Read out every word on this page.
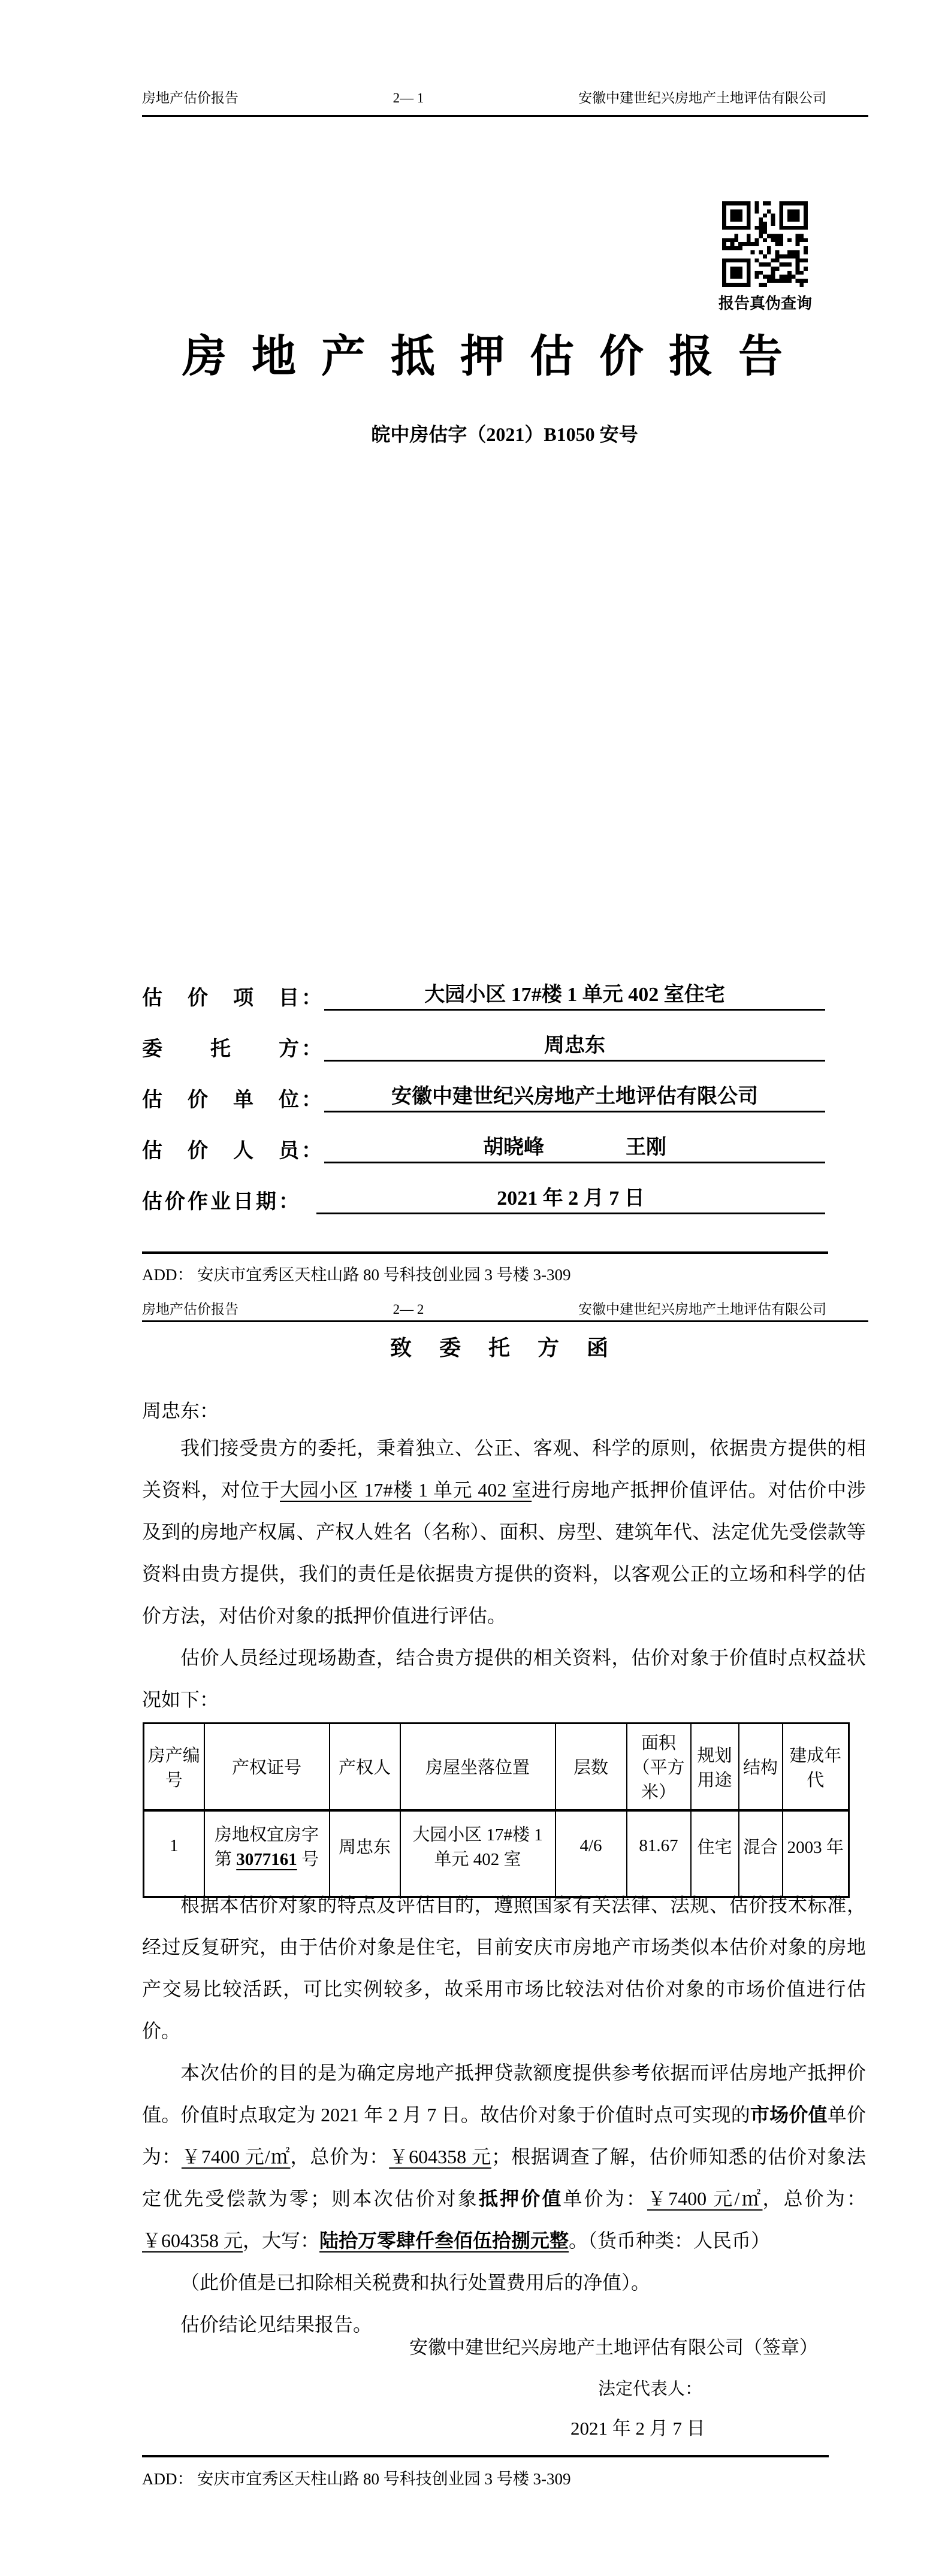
房地产估价报告	2— 1	安徽中建世纪兴房地产土地评估有限公司
报告真伪查询
房地产抵押估价报告
皖中房估字（2021）B1050 安号
估　价　项　目：	大园小区 17#楼 1 单元 402 室住宅
委　　托　　方：	周忠东
估　价　单　位：	安徽中建世纪兴房地产土地评估有限公司
估　价　人　员：	胡晓峰　　　　王刚
估价作业日期：	2021 年 2 月 7 日
ADD： 安庆市宜秀区天柱山路 80 号科技创业园 3 号楼 3-309
房地产估价报告	2— 2	安徽中建世纪兴房地产土地评估有限公司
致委托方函
周忠东：

我们接受贵方的委托，秉着独立、公正、客观、科学的原则，依据贵方提供的相关资料，对位于大园小区 17#楼 1 单元 402 室进行房地产抵押价值评估。对估价中涉及到的房地产权属、产权人姓名（名称）、面积、房型、建筑年代、法定优先受偿款等资料由贵方提供，我们的责任是依据贵方提供的资料，以客观公正的立场和科学的估价方法，对估价对象的抵押价值进行评估。

估价人员经过现场勘查，结合贵方提供的相关资料，估价对象于价值时点权益状况如下：

房产编号	产权证号	产权人	房屋坐落位置	层数	面积（平方米）	规划用途	结构	建成年代
1	房地权宜房字第 3077161 号	周忠东	大园小区 17#楼 1 单元 402 室	4/6	81.67	住宅	混合	2003 年

根据本估价对象的特点及评估目的，遵照国家有关法律、法规、估价技术标准，经过反复研究，由于估价对象是住宅，目前安庆市房地产市场类似本估价对象的房地产交易比较活跃，可比实例较多，故采用市场比较法对估价对象的市场价值进行估价。

本次估价的目的是为确定房地产抵押贷款额度提供参考依据而评估房地产抵押价值。价值时点取定为 2021 年 2 月 7 日。故估价对象于价值时点可实现的市场价值单价为：￥7400 元/㎡，总价为：￥604358 元；根据调查了解，估价师知悉的估价对象法定优先受偿款为零；则本次估价对象抵押价值单价为：￥7400 元/㎡，总价为：￥604358 元，大写：陆拾万零肆仟叁佰伍拾捌元整。（货币种类：人民币）

（此价值是已扣除相关税费和执行处置费用后的净值）。

估价结论见结果报告。

安徽中建世纪兴房地产土地评估有限公司（签章）
法定代表人：
2021 年 2 月 7 日
ADD： 安庆市宜秀区天柱山路 80 号科技创业园 3 号楼 3-309
